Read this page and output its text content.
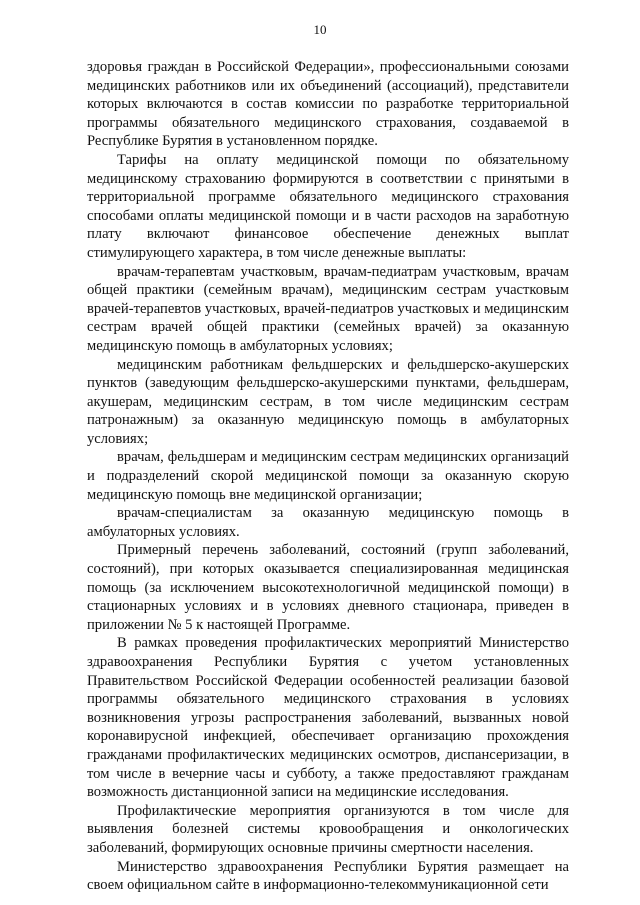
10

здоровья граждан в Российской Федерации», профессиональными союзами медицинских работников или их объединений (ассоциаций), представители которых включаются в состав комиссии по разработке территориальной программы обязательного медицинского страхования, создаваемой в Республике Бурятия в установленном порядке.

Тарифы на оплату медицинской помощи по обязательному медицинскому страхованию формируются в соответствии с принятыми в территориальной программе обязательного медицинского страхования способами оплаты медицинской помощи и в части расходов на заработную плату включают финансовое обеспечение денежных выплат стимулирующего характера, в том числе денежные выплаты:

врачам-терапевтам участковым, врачам-педиатрам участковым, врачам общей практики (семейным врачам), медицинским сестрам участковым врачей-терапевтов участковых, врачей-педиатров участковых и медицинским сестрам врачей общей практики (семейных врачей) за оказанную медицинскую помощь в амбулаторных условиях;

медицинским работникам фельдшерских и фельдшерско-акушерских пунктов (заведующим фельдшерско-акушерскими пунктами, фельдшерам, акушерам, медицинским сестрам, в том числе медицинским сестрам патронажным) за оказанную медицинскую помощь в амбулаторных условиях;

врачам, фельдшерам и медицинским сестрам медицинских организаций и подразделений скорой медицинской помощи за оказанную скорую медицинскую помощь вне медицинской организации;

врачам-специалистам за оказанную медицинскую помощь в амбулаторных условиях.

Примерный перечень заболеваний, состояний (групп заболеваний, состояний), при которых оказывается специализированная медицинская помощь (за исключением высокотехнологичной медицинской помощи) в стационарных условиях и в условиях дневного стационара, приведен в приложении № 5 к настоящей Программе.

В рамках проведения профилактических мероприятий Министерство здравоохранения Республики Бурятия с учетом установленных Правительством Российской Федерации особенностей реализации базовой программы обязательного медицинского страхования в условиях возникновения угрозы распространения заболеваний, вызванных новой коронавирусной инфекцией, обеспечивает организацию прохождения гражданами профилактических медицинских осмотров, диспансеризации, в том числе в вечерние часы и субботу, а также предоставляют гражданам возможность дистанционной записи на медицинские исследования.

Профилактические мероприятия организуются в том числе для выявления болезней системы кровообращения и онкологических заболеваний, формирующих основные причины смертности населения.

Министерство здравоохранения Республики Бурятия размещает на своем официальном сайте в информационно-телекоммуникационной сети
